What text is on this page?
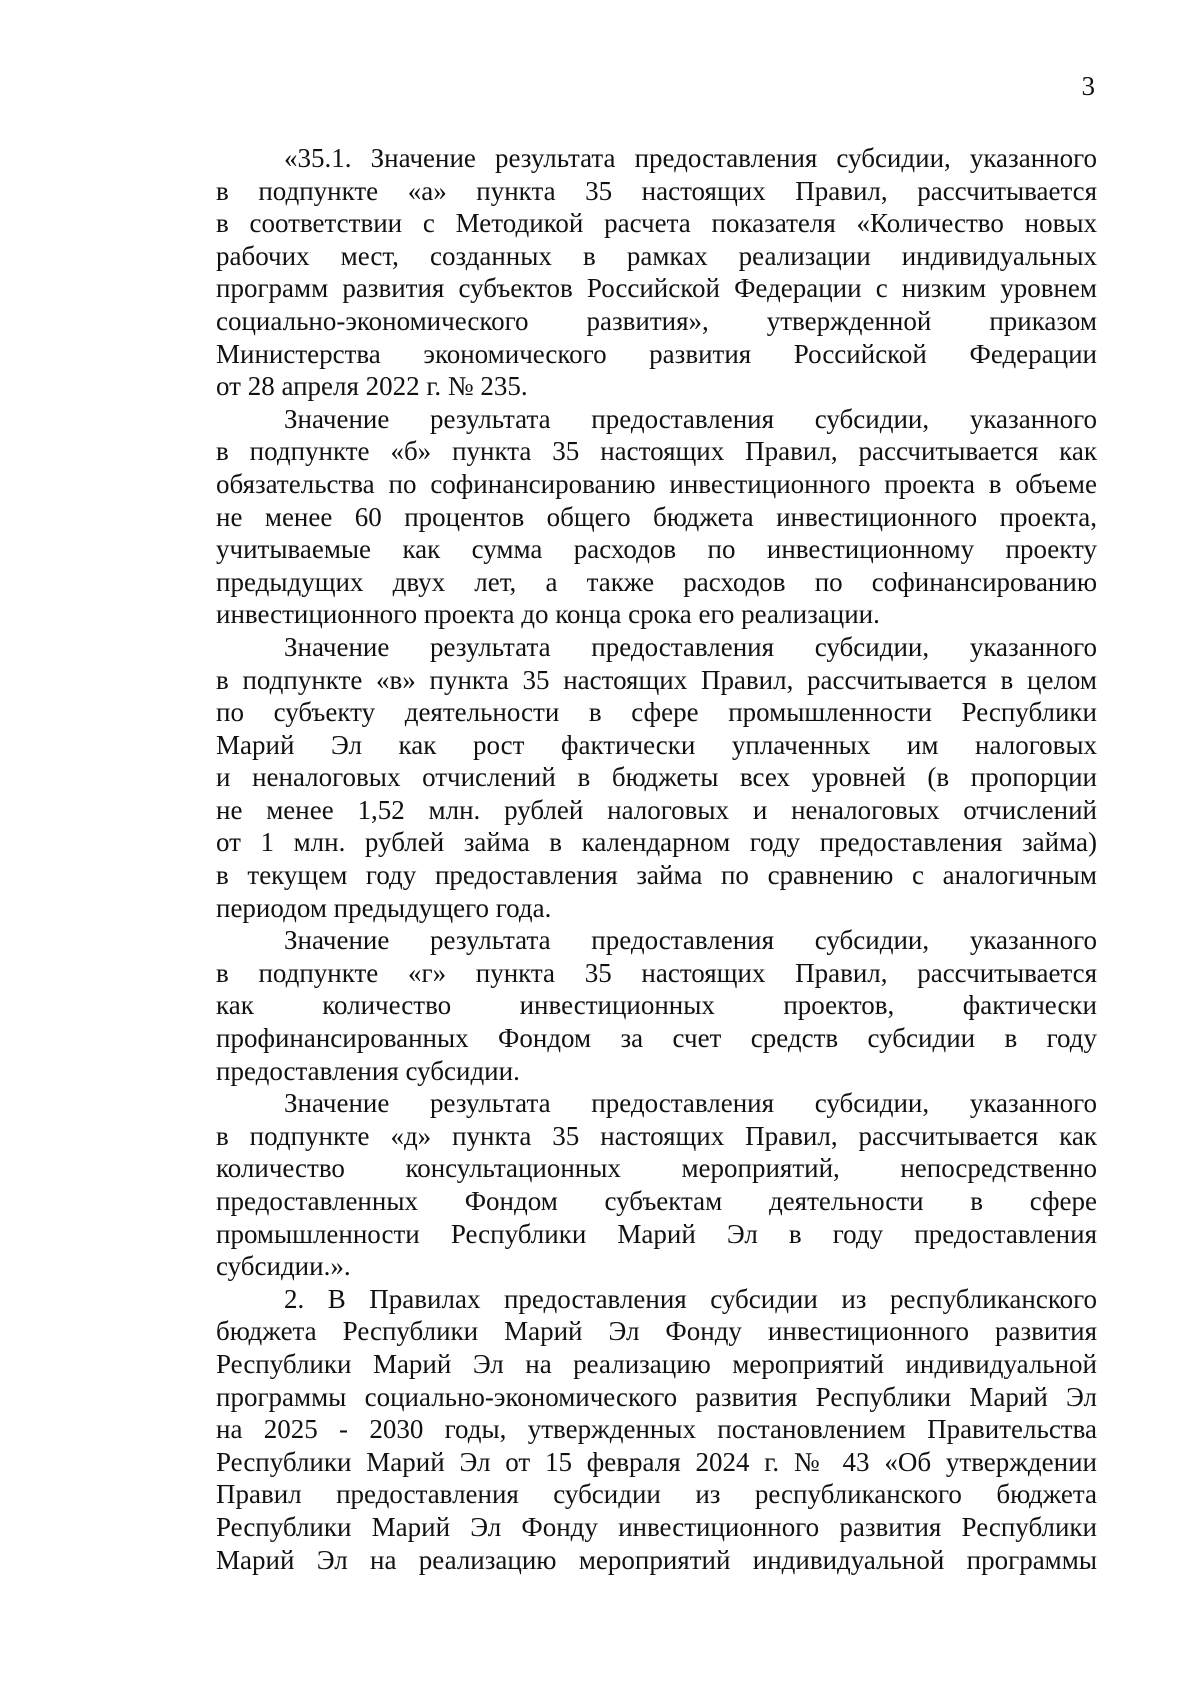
3
«35.1. Значение результата предоставления субсидии, указанного
в подпункте «а» пункта 35 настоящих Правил, рассчитывается
в соответствии с Методикой расчета показателя «Количество новых
рабочих мест, созданных в рамках реализации индивидуальных
программ развития субъектов Российской Федерации с низким уровнем
социально-экономического развития», утвержденной приказом
Министерства экономического развития Российской Федерации
от 28 апреля 2022 г. № 235.
Значение результата предоставления субсидии, указанного
в подпункте «б» пункта 35 настоящих Правил, рассчитывается как
обязательства по софинансированию инвестиционного проекта в объеме
не менее 60 процентов общего бюджета инвестиционного проекта,
учитываемые как сумма расходов по инвестиционному проекту
предыдущих двух лет, а также расходов по софинансированию
инвестиционного проекта до конца срока его реализации.
Значение результата предоставления субсидии, указанного
в подпункте «в» пункта 35 настоящих Правил, рассчитывается в целом
по субъекту деятельности в сфере промышленности Республики
Марий Эл как рост фактически уплаченных им налоговых
и неналоговых отчислений в бюджеты всех уровней (в пропорции
не менее 1,52 млн. рублей налоговых и неналоговых отчислений
от 1 млн. рублей займа в календарном году предоставления займа)
в текущем году предоставления займа по сравнению с аналогичным
периодом предыдущего года.
Значение результата предоставления субсидии, указанного
в подпункте «г» пункта 35 настоящих Правил, рассчитывается
как количество инвестиционных проектов, фактически
профинансированных Фондом за счет средств субсидии в году
предоставления субсидии.
Значение результата предоставления субсидии, указанного
в подпункте «д» пункта 35 настоящих Правил, рассчитывается как
количество консультационных мероприятий, непосредственно
предоставленных Фондом субъектам деятельности в сфере
промышленности Республики Марий Эл в году предоставления
субсидии.».
2. В Правилах предоставления субсидии из республиканского
бюджета Республики Марий Эл Фонду инвестиционного развития
Республики Марий Эл на реализацию мероприятий индивидуальной
программы социально-экономического развития Республики Марий Эл
на 2025 - 2030 годы, утвержденных постановлением Правительства
Республики Марий Эл от 15 февраля 2024 г. № 43 «Об утверждении
Правил предоставления субсидии из республиканского бюджета
Республики Марий Эл Фонду инвестиционного развития Республики
Марий Эл на реализацию мероприятий индивидуальной программы
